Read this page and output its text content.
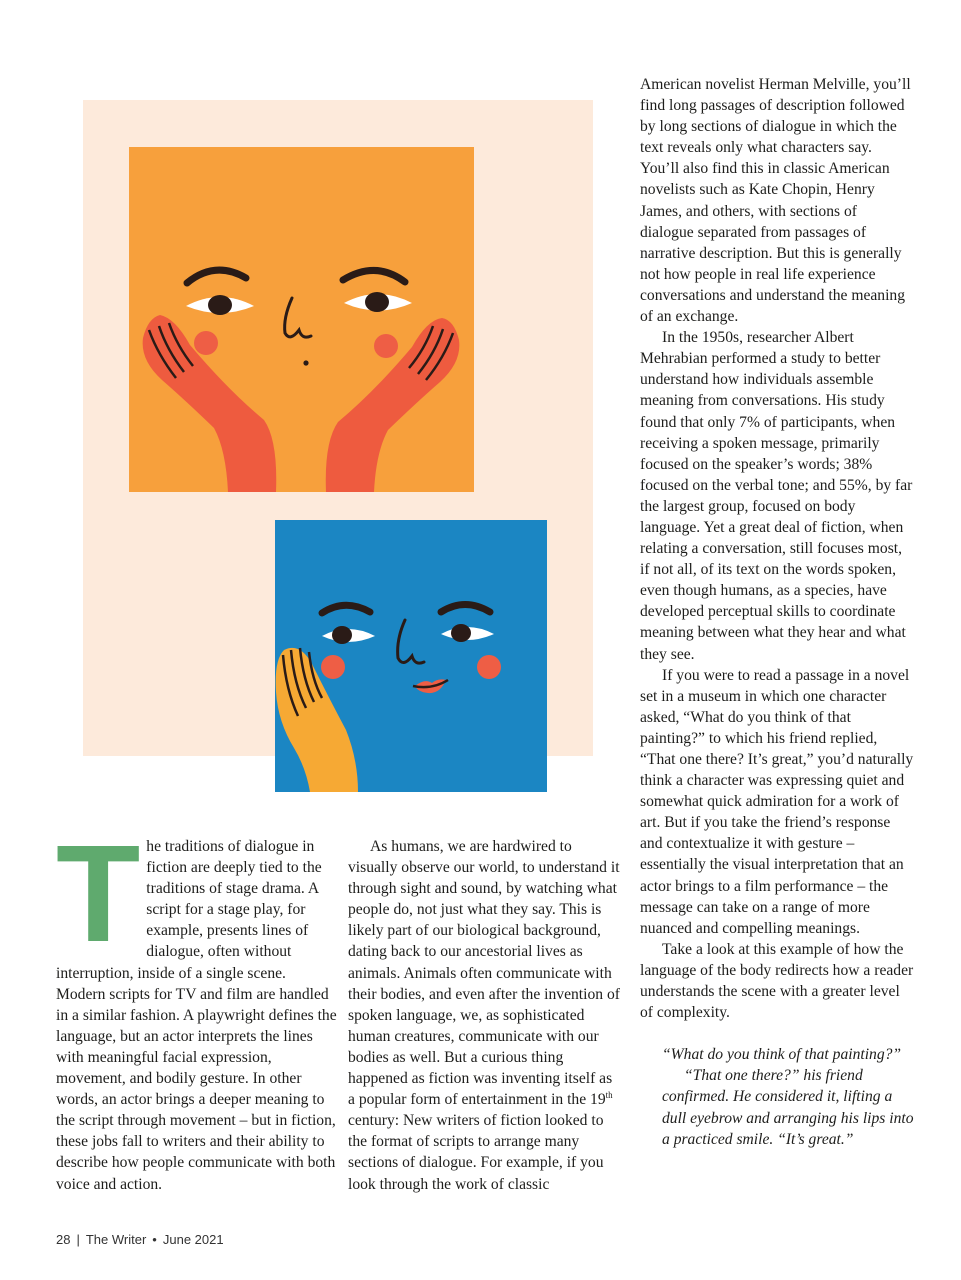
The traditions of dialogue in fiction are deeply tied to the traditions of stage drama. A script for a stage play, for example, presents lines of dialogue, often without interruption, inside of a single scene. Modern scripts for TV and film are handled in a similar fashion. A playwright defines the language, but an actor interprets the lines with meaningful facial expression, movement, and bodily gesture. In other words, an actor brings a deeper meaning to the script through movement – but in fiction, these jobs fall to writers and their ability to describe how people communicate with both voice and action.

As humans, we are hardwired to visually observe our world, to understand it through sight and sound, by watching what people do, not just what they say. This is likely part of our biological background, dating back to our ancestorial lives as animals. Animals often communicate with their bodies, and even after the invention of spoken language, we, as sophisticated human creatures, communicate with our bodies as well. But a curious thing happened as fiction was inventing itself as a popular form of entertainment in the 19th century: New writers of fiction looked to the format of scripts to arrange many sections of dialogue. For example, if you look through the work of classic

American novelist Herman Melville, you’ll find long passages of description followed by long sections of dialogue in which the text reveals only what characters say. You’ll also find this in classic American novelists such as Kate Chopin, Henry James, and others, with sections of dialogue separated from passages of narrative description. But this is generally not how people in real life experience conversations and understand the meaning of an exchange.

In the 1950s, researcher Albert Mehrabian performed a study to better understand how individuals assemble meaning from conversations. His study found that only 7% of participants, when receiving a spoken message, primarily focused on the speaker’s words; 38% focused on the verbal tone; and 55%, by far the largest group, focused on body language. Yet a great deal of fiction, when relating a conversation, still focuses most, if not all, of its text on the words spoken, even though humans, as a species, have developed perceptual skills to coordinate meaning between what they hear and what they see.

If you were to read a passage in a novel set in a museum in which one character asked, “What do you think of that painting?” to which his friend replied, “That one there? It’s great,” you’d naturally think a character was expressing quiet and somewhat quick admiration for a work of art. But if you take the friend’s response and contextualize it with gesture – essentially the visual interpretation that an actor brings to a film performance – the message can take on a range of more nuanced and compelling meanings.

Take a look at this example of how the language of the body redirects how a reader understands the scene with a greater level of complexity.

“What do you think of that painting?”

“That one there?” his friend confirmed. He considered it, lifting a dull eyebrow and arranging his lips into a practiced smile. “It’s great.”

28 | The Writer • June 2021
